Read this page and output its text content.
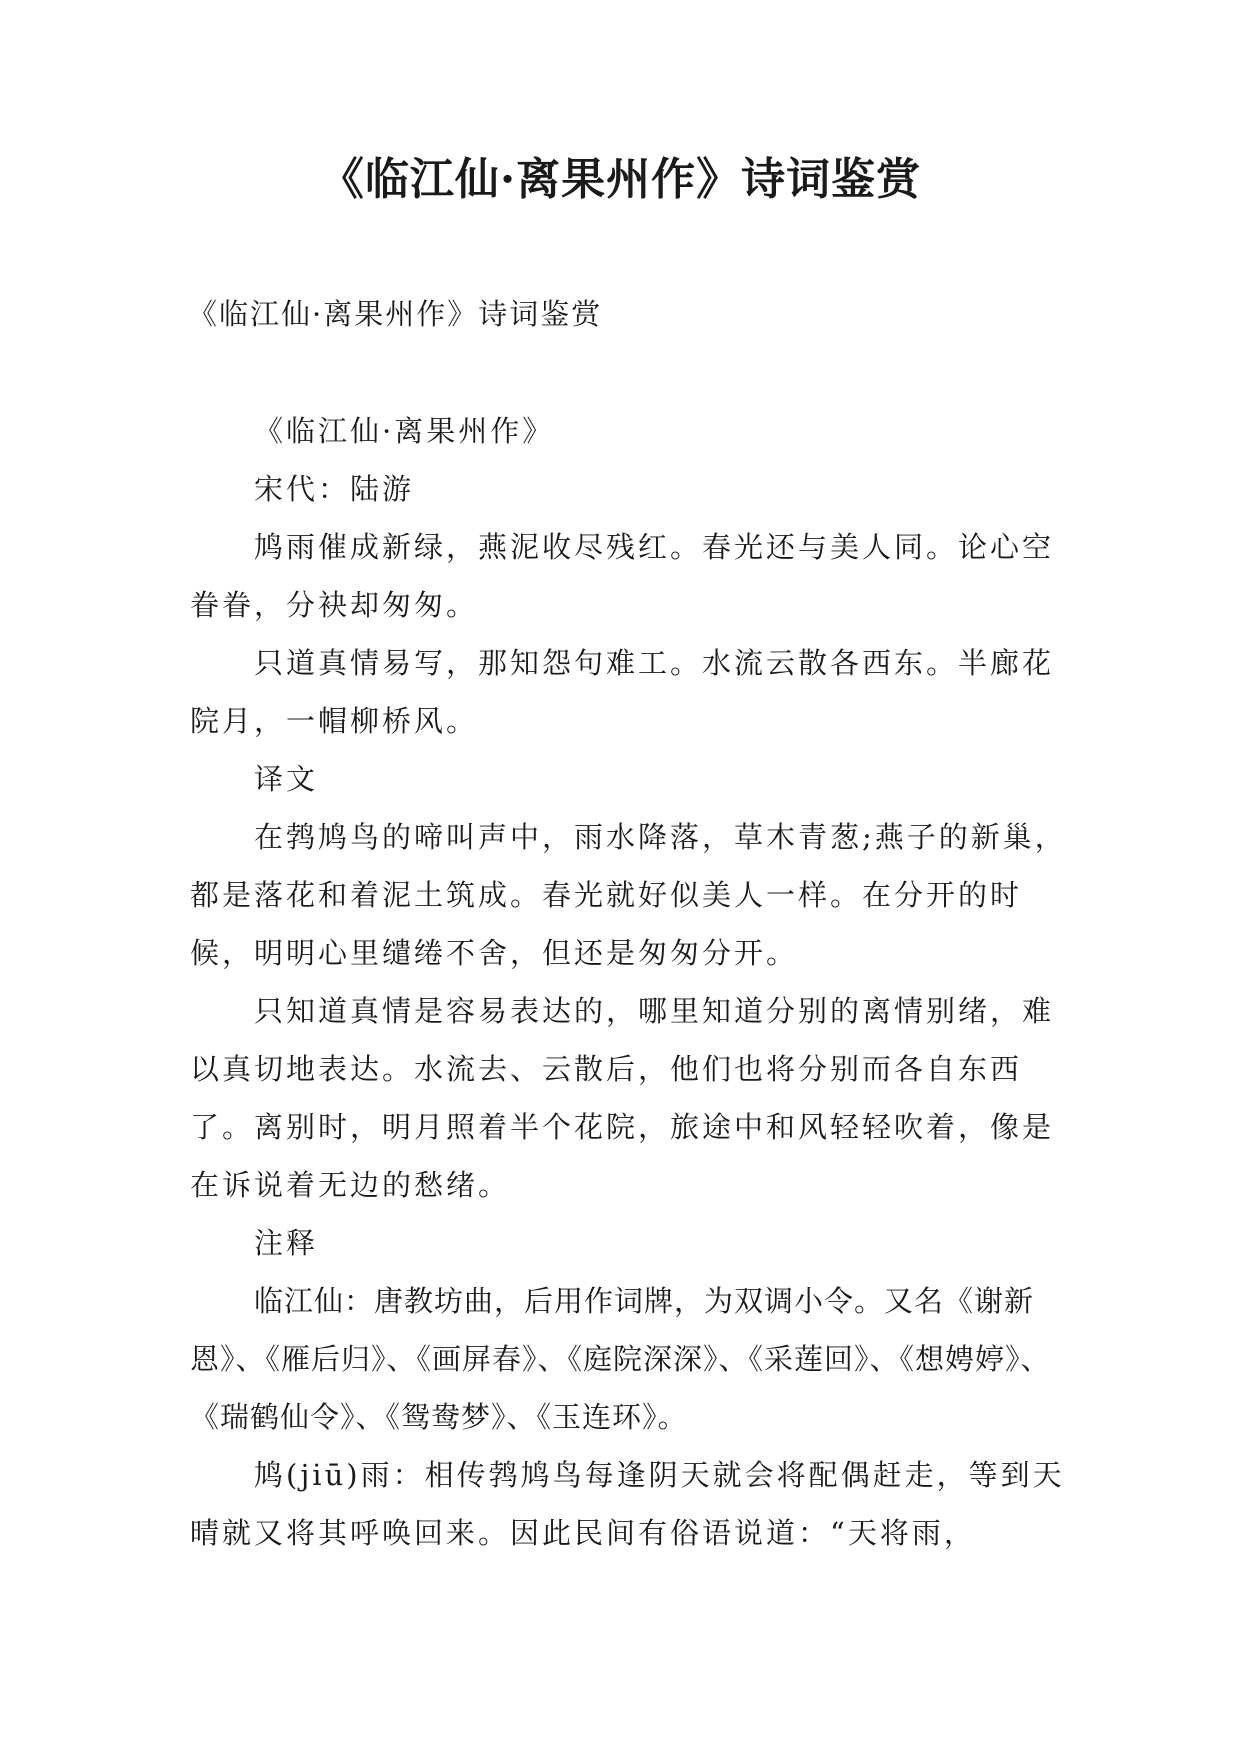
《临江仙·离果州作》诗词鉴赏
《临江仙·离果州作》诗词鉴赏

《临江仙·离果州作》

宋代：陆游

鸠雨催成新绿，燕泥收尽残红。春光还与美人同。论心空眷眷，分袂却匆匆。

只道真情易写，那知怨句难工。水流云散各西东。半廊花院月，一帽柳桥风。

译文

在鹁鸠鸟的啼叫声中，雨水降落，草木青葱;燕子的新巢，都是落花和着泥土筑成。春光就好似美人一样。在分开的时候，明明心里缱绻不舍，但还是匆匆分开。

只知道真情是容易表达的，哪里知道分别的离情别绪，难以真切地表达。水流去、云散后，他们也将分别而各自东西了。离别时，明月照着半个花院，旅途中和风轻轻吹着，像是在诉说着无边的愁绪。

注释

临江仙：唐教坊曲，后用作词牌，为双调小令。又名《谢新恩》、《雁后归》、《画屏春》、《庭院深深》、《采莲回》、《想娉婷》、《瑞鹤仙令》、《鸳鸯梦》、《玉连环》。

鸠(jiū)雨：相传鹁鸠鸟每逢阴天就会将配偶赶走，等到天晴就又将其呼唤回来。因此民间有俗语说道：“天将雨，
